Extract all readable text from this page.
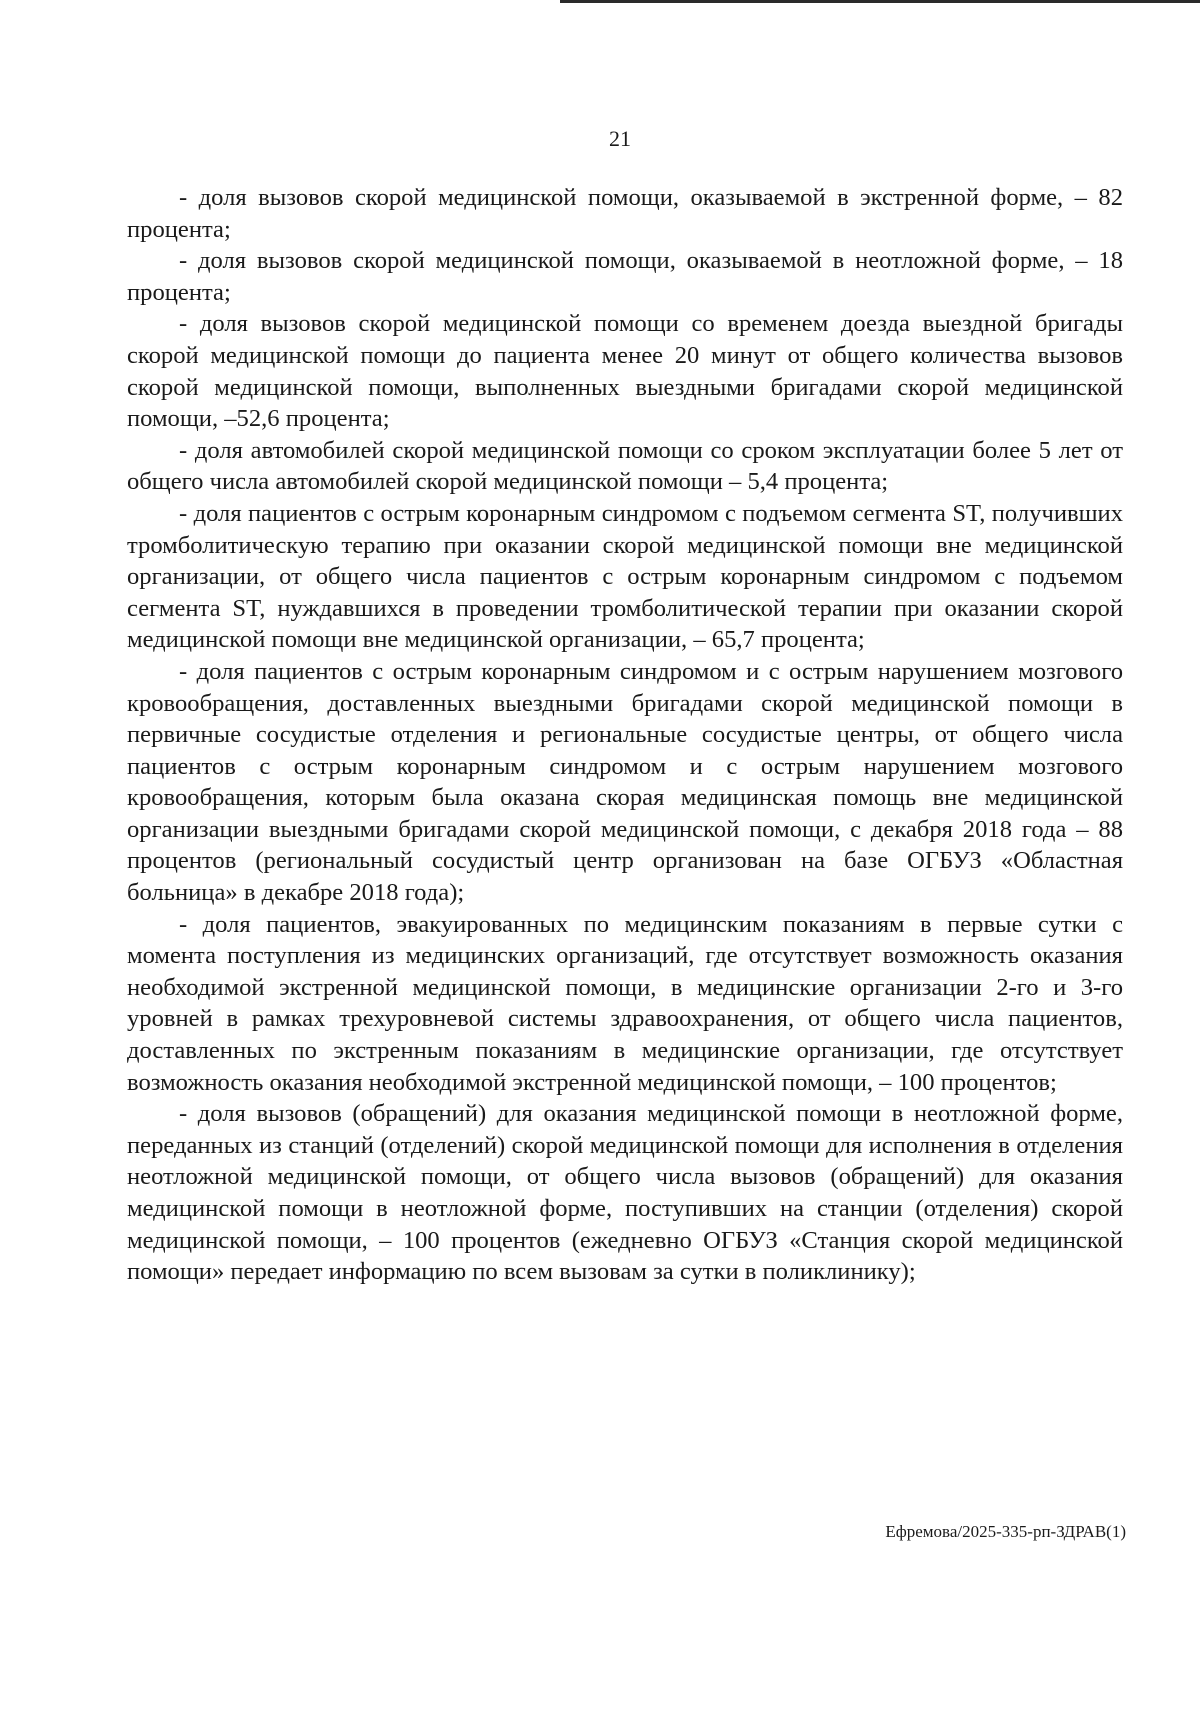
21

- доля вызовов скорой медицинской помощи, оказываемой в экстренной форме, – 82 процента;

- доля вызовов скорой медицинской помощи, оказываемой в неотложной форме, – 18 процента;

- доля вызовов скорой медицинской помощи со временем доезда выездной бригады скорой медицинской помощи до пациента менее 20 минут от общего количества вызовов скорой медицинской помощи, выполненных выездными бригадами скорой медицинской помощи, –52,6 процента;

- доля автомобилей скорой медицинской помощи со сроком эксплуатации более 5 лет от общего числа автомобилей скорой медицинской помощи – 5,4 процента;

- доля пациентов с острым коронарным синдромом с подъемом сегмента ST, получивших тромболитическую терапию при оказании скорой медицинской помощи вне медицинской организации, от общего числа пациентов с острым коронарным синдромом с подъемом сегмента ST, нуждавшихся в проведении тромболитической терапии при оказании скорой медицинской помощи вне медицинской организации, – 65,7 процента;

- доля пациентов с острым коронарным синдромом и с острым нарушением мозгового кровообращения, доставленных выездными бригадами скорой медицинской помощи в первичные сосудистые отделения и региональные сосудистые центры, от общего числа пациентов с острым коронарным синдромом и с острым нарушением мозгового кровообращения, которым была оказана скорая медицинская помощь вне медицинской организации выездными бригадами скорой медицинской помощи, с декабря 2018 года – 88 процентов (региональный сосудистый центр организован на базе ОГБУЗ «Областная больница» в декабре 2018 года);

- доля пациентов, эвакуированных по медицинским показаниям в первые сутки с момента поступления из медицинских организаций, где отсутствует возможность оказания необходимой экстренной медицинской помощи, в медицинские организации 2-го и 3-го уровней в рамках трехуровневой системы здравоохранения, от общего числа пациентов, доставленных по экстренным показаниям в медицинские организации, где отсутствует возможность оказания необходимой экстренной медицинской помощи, – 100 процентов;

- доля вызовов (обращений) для оказания медицинской помощи в неотложной форме, переданных из станций (отделений) скорой медицинской помощи для исполнения в отделения неотложной медицинской помощи, от общего числа вызовов (обращений) для оказания медицинской помощи в неотложной форме, поступивших на станции (отделения) скорой медицинской помощи, – 100 процентов (ежедневно ОГБУЗ «Станция скорой медицинской помощи» передает информацию по всем вызовам за сутки в поликлинику);

Ефремова/2025-335-рп-ЗДРАВ(1)
